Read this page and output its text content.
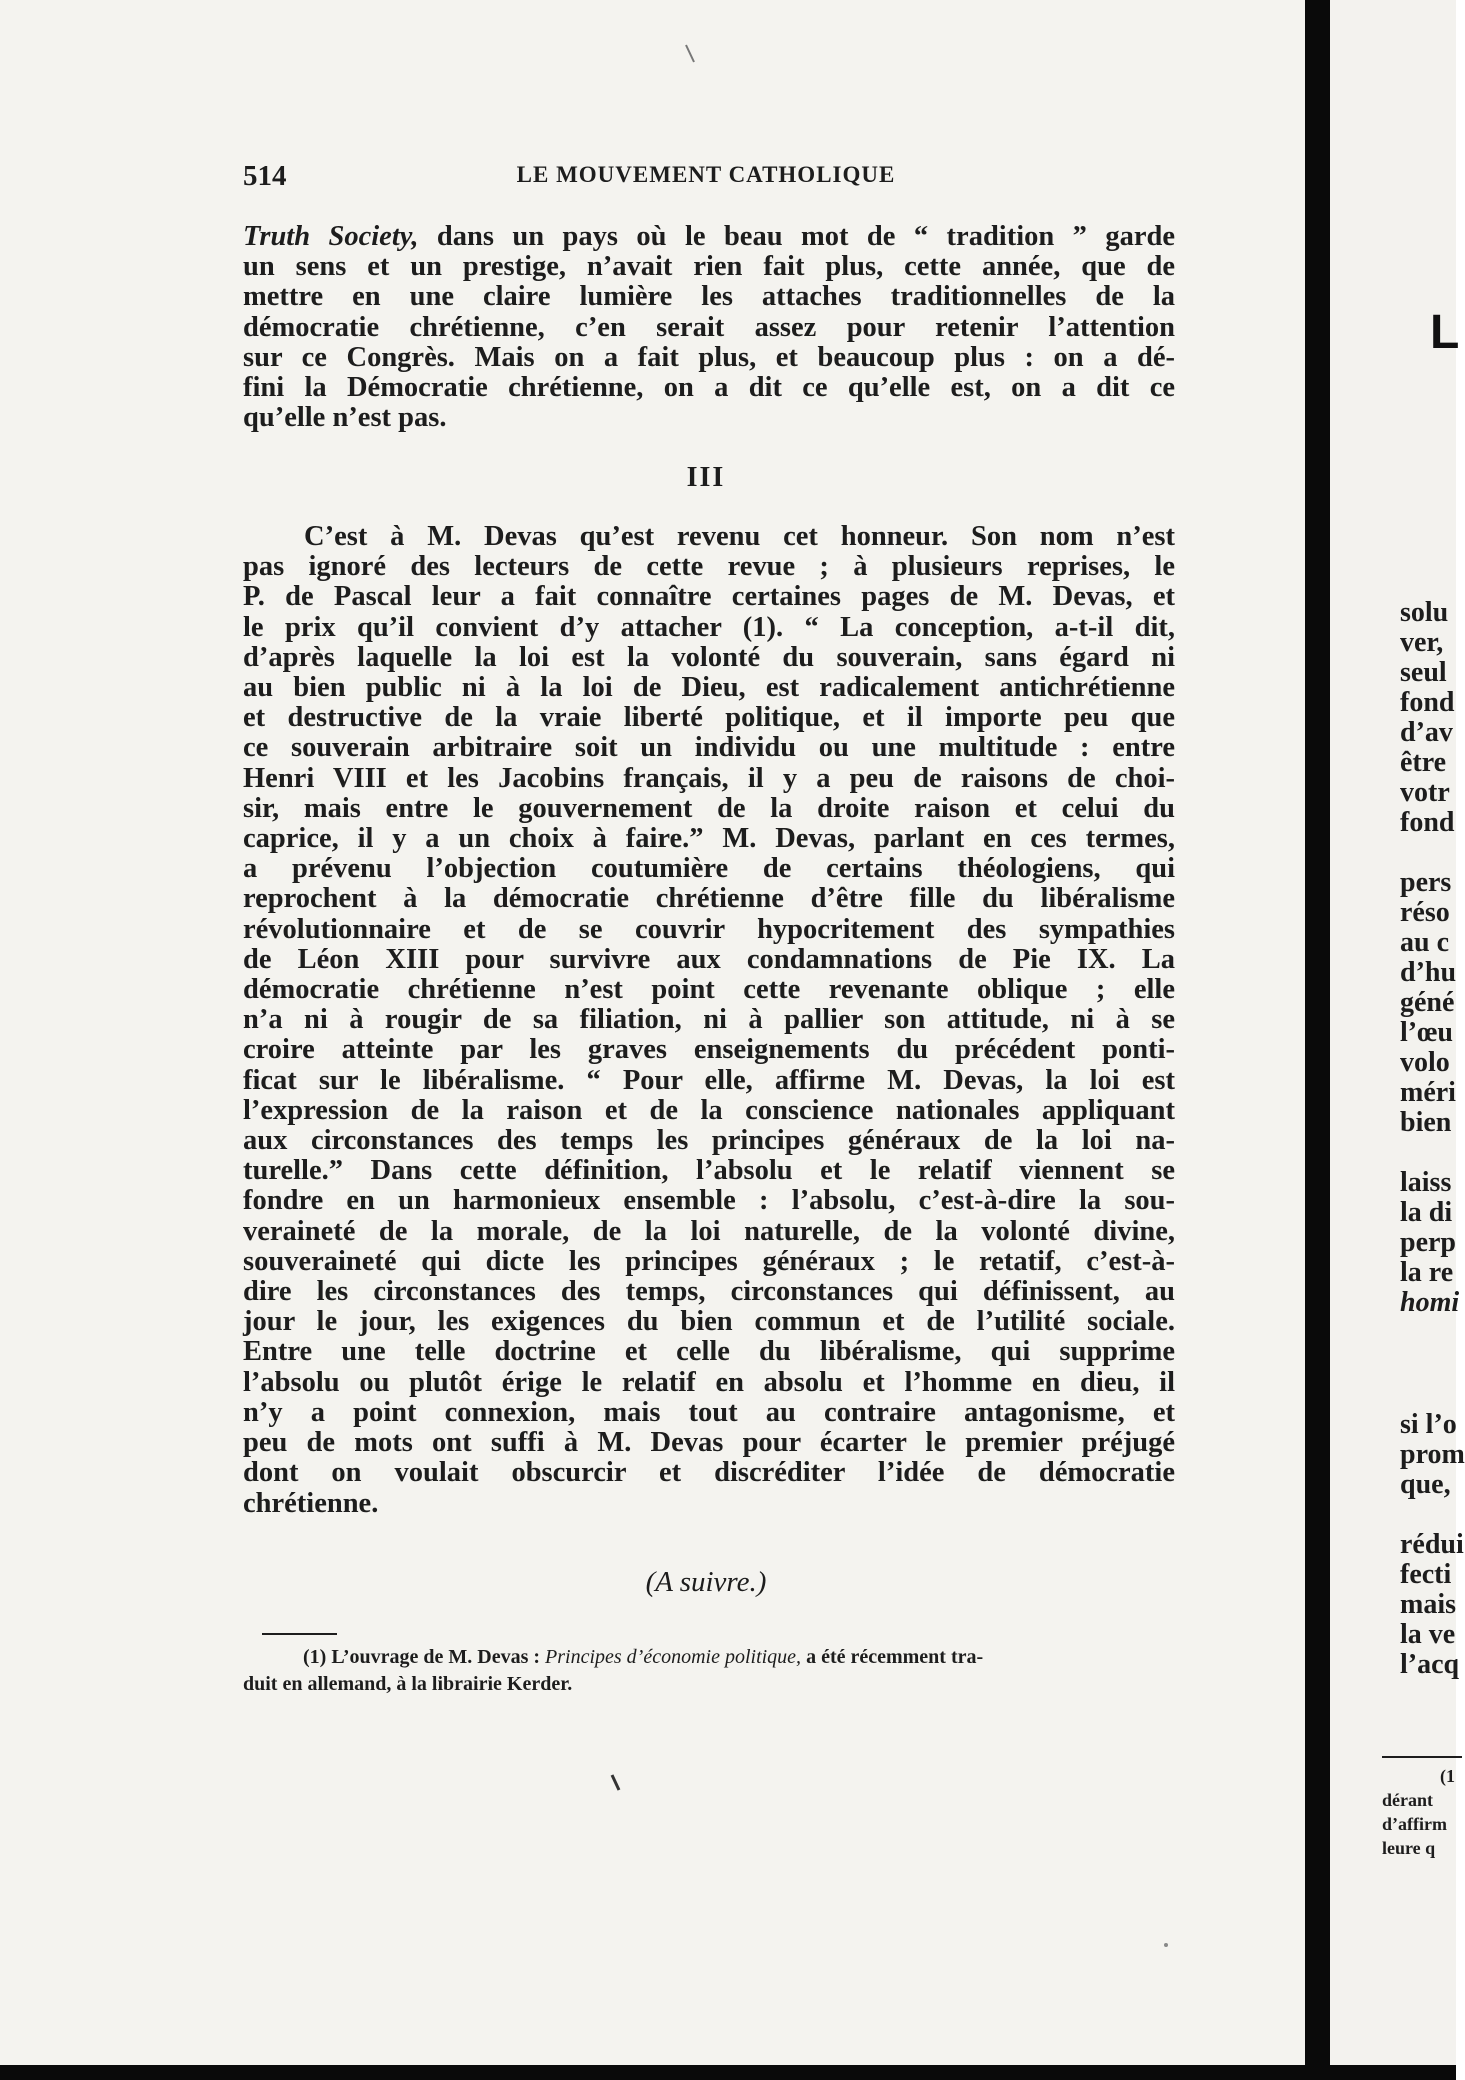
514	LE MOUVEMENT CATHOLIQUE
Truth Society, dans un pays où le beau mot de “ tradition ” garde
un sens et un prestige, n’avait rien fait plus, cette année, que de
mettre en une claire lumière les attaches traditionnelles de la
démocratie chrétienne, c’en serait assez pour retenir l’attention
sur ce Congrès. Mais on a fait plus, et beaucoup plus : on a dé-
fini la Démocratie chrétienne, on a dit ce qu’elle est, on a dit ce
qu’elle n’est pas.
III
C’est à M. Devas qu’est revenu cet honneur. Son nom n’est
pas ignoré des lecteurs de cette revue ; à plusieurs reprises, le
P. de Pascal leur a fait connaître certaines pages de M. Devas, et
le prix qu’il convient d’y attacher (1). “ La conception, a-t-il dit,
d’après laquelle la loi est la volonté du souverain, sans égard ni
au bien public ni à la loi de Dieu, est radicalement antichrétienne
et destructive de la vraie liberté politique, et il importe peu que
ce souverain arbitraire soit un individu ou une multitude : entre
Henri VIII et les Jacobins français, il y a peu de raisons de choi-
sir, mais entre le gouvernement de la droite raison et celui du
caprice, il y a un choix à faire.” M. Devas, parlant en ces termes,
a prévenu l’objection coutumière de certains théologiens, qui
reprochent à la démocratie chrétienne d’être fille du libéralisme
révolutionnaire et de se couvrir hypocritement des sympathies
de Léon XIII pour survivre aux condamnations de Pie IX. La
démocratie chrétienne n’est point cette revenante oblique ; elle
n’a ni à rougir de sa filiation, ni à pallier son attitude, ni à se
croire atteinte par les graves enseignements du précédent ponti-
ficat sur le libéralisme. “ Pour elle, affirme M. Devas, la loi est
l’expression de la raison et de la conscience nationales appliquant
aux circonstances des temps les principes généraux de la loi na-
turelle.” Dans cette définition, l’absolu et le relatif viennent se
fondre en un harmonieux ensemble : l’absolu, c’est-à-dire la sou-
veraineté de la morale, de la loi naturelle, de la volonté divine,
souveraineté qui dicte les principes généraux ; le retatif, c’est-à-
dire les circonstances des temps, circonstances qui définissent, au
jour le jour, les exigences du bien commun et de l’utilité sociale.
Entre une telle doctrine et celle du libéralisme, qui supprime
l’absolu ou plutôt érige le relatif en absolu et l’homme en dieu, il
n’y a point connexion, mais tout au contraire antagonisme, et
peu de mots ont suffi à M. Devas pour écarter le premier préjugé
dont on voulait obscurcir et discréditer l’idée de démocratie
chrétienne.
(A suivre.)
(1) L’ouvrage de M. Devas : Principes d’économie politique, a été récemment tra-
duit en allemand, à la librairie Kerder.
L
solu
ver,
seul
fond
d’av
être
votr
fond
pers
réso
au c
d’hu
géné
l’œu
volo
méri
bien
laiss
la di
perp
la re
homi
si l’o
prom
que,
rédui
fecti
mais
la ve
l’acq
(1
dérant
d’affirm
leure q
